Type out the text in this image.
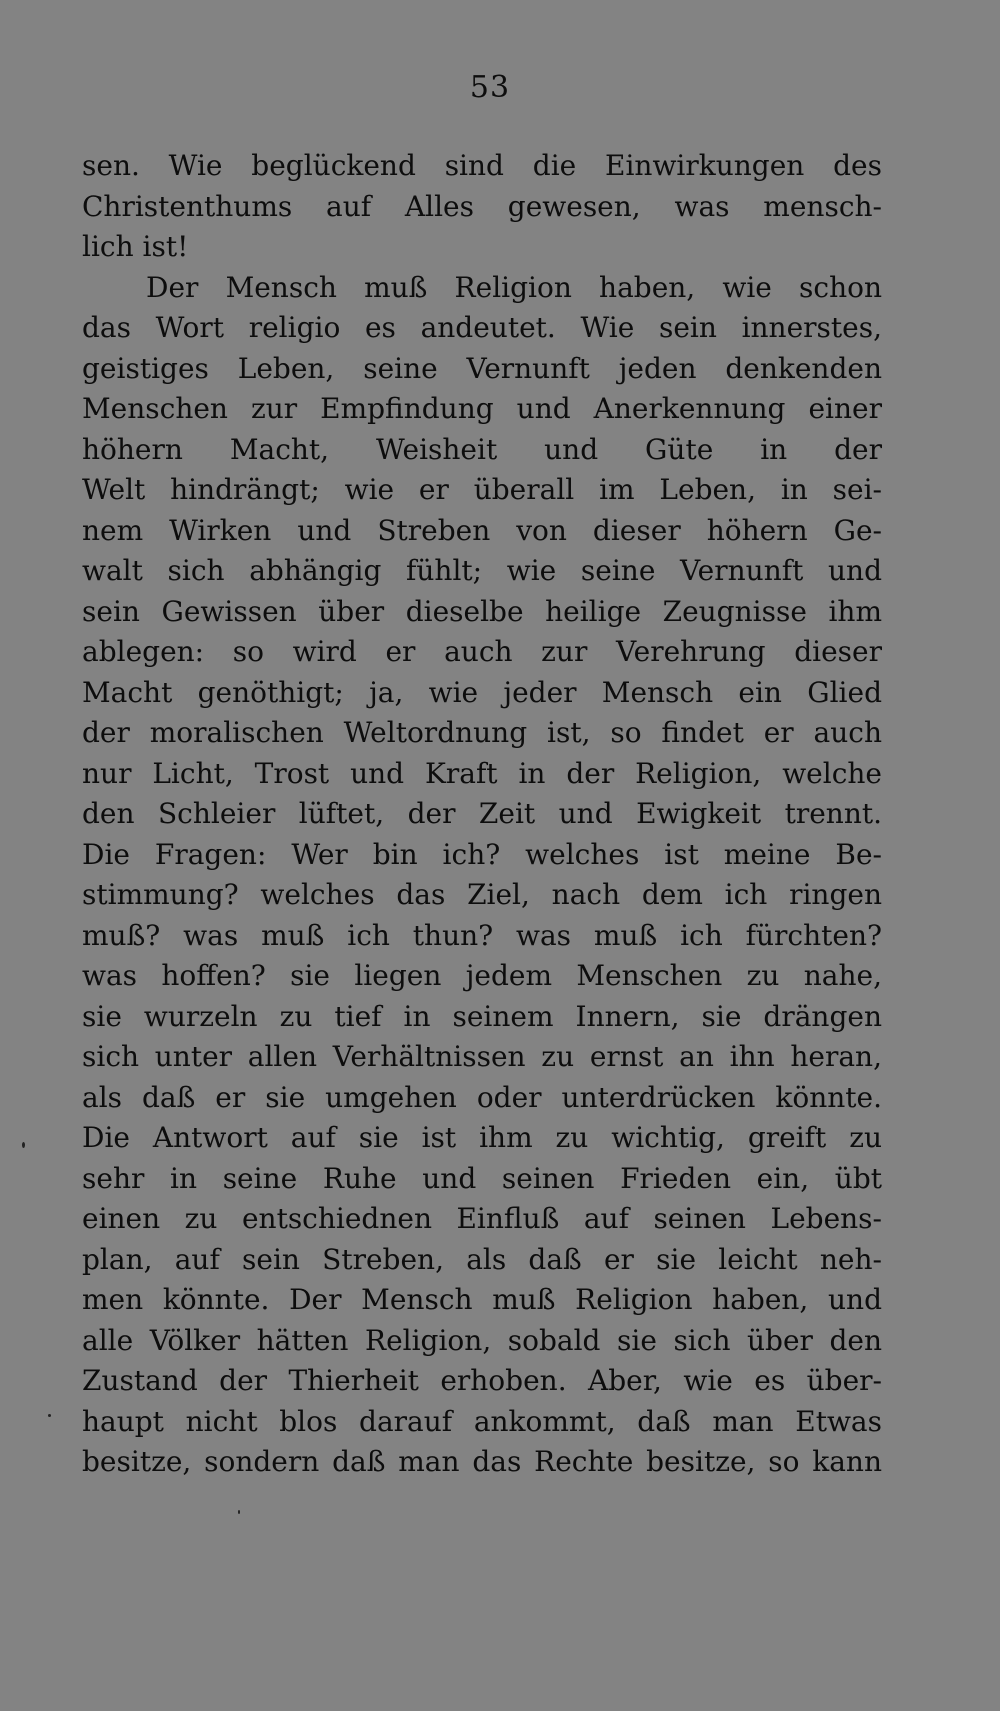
53
sen. Wie beglückend sind die Einwirkungen des
Christenthums auf Alles gewesen, was mensch-
lich ist!
Der Mensch muß Religion haben, wie schon
das Wort religio es andeutet. Wie sein innerstes,
geistiges Leben, seine Vernunft jeden denkenden
Menschen zur Empfindung und Anerkennung einer
höhern Macht, Weisheit und Güte in der
Welt hindrängt; wie er überall im Leben, in sei-
nem Wirken und Streben von dieser höhern Ge-
walt sich abhängig fühlt; wie seine Vernunft und
sein Gewissen über dieselbe heilige Zeugnisse ihm
ablegen: so wird er auch zur Verehrung dieser
Macht genöthigt; ja, wie jeder Mensch ein Glied
der moralischen Weltordnung ist, so findet er auch
nur Licht, Trost und Kraft in der Religion, welche
den Schleier lüftet, der Zeit und Ewigkeit trennt.
Die Fragen: Wer bin ich? welches ist meine Be-
stimmung? welches das Ziel, nach dem ich ringen
muß? was muß ich thun? was muß ich fürchten?
was hoffen? sie liegen jedem Menschen zu nahe,
sie wurzeln zu tief in seinem Innern, sie drängen
sich unter allen Verhältnissen zu ernst an ihn heran,
als daß er sie umgehen oder unterdrücken könnte.
Die Antwort auf sie ist ihm zu wichtig, greift zu
sehr in seine Ruhe und seinen Frieden ein, übt
einen zu entschiednen Einfluß auf seinen Lebens-
plan, auf sein Streben, als daß er sie leicht neh-
men könnte. Der Mensch muß Religion haben, und
alle Völker hätten Religion, sobald sie sich über den
Zustand der Thierheit erhoben. Aber, wie es über-
haupt nicht blos darauf ankommt, daß man Etwas
besitze, sondern daß man das Rechte besitze, so kann
